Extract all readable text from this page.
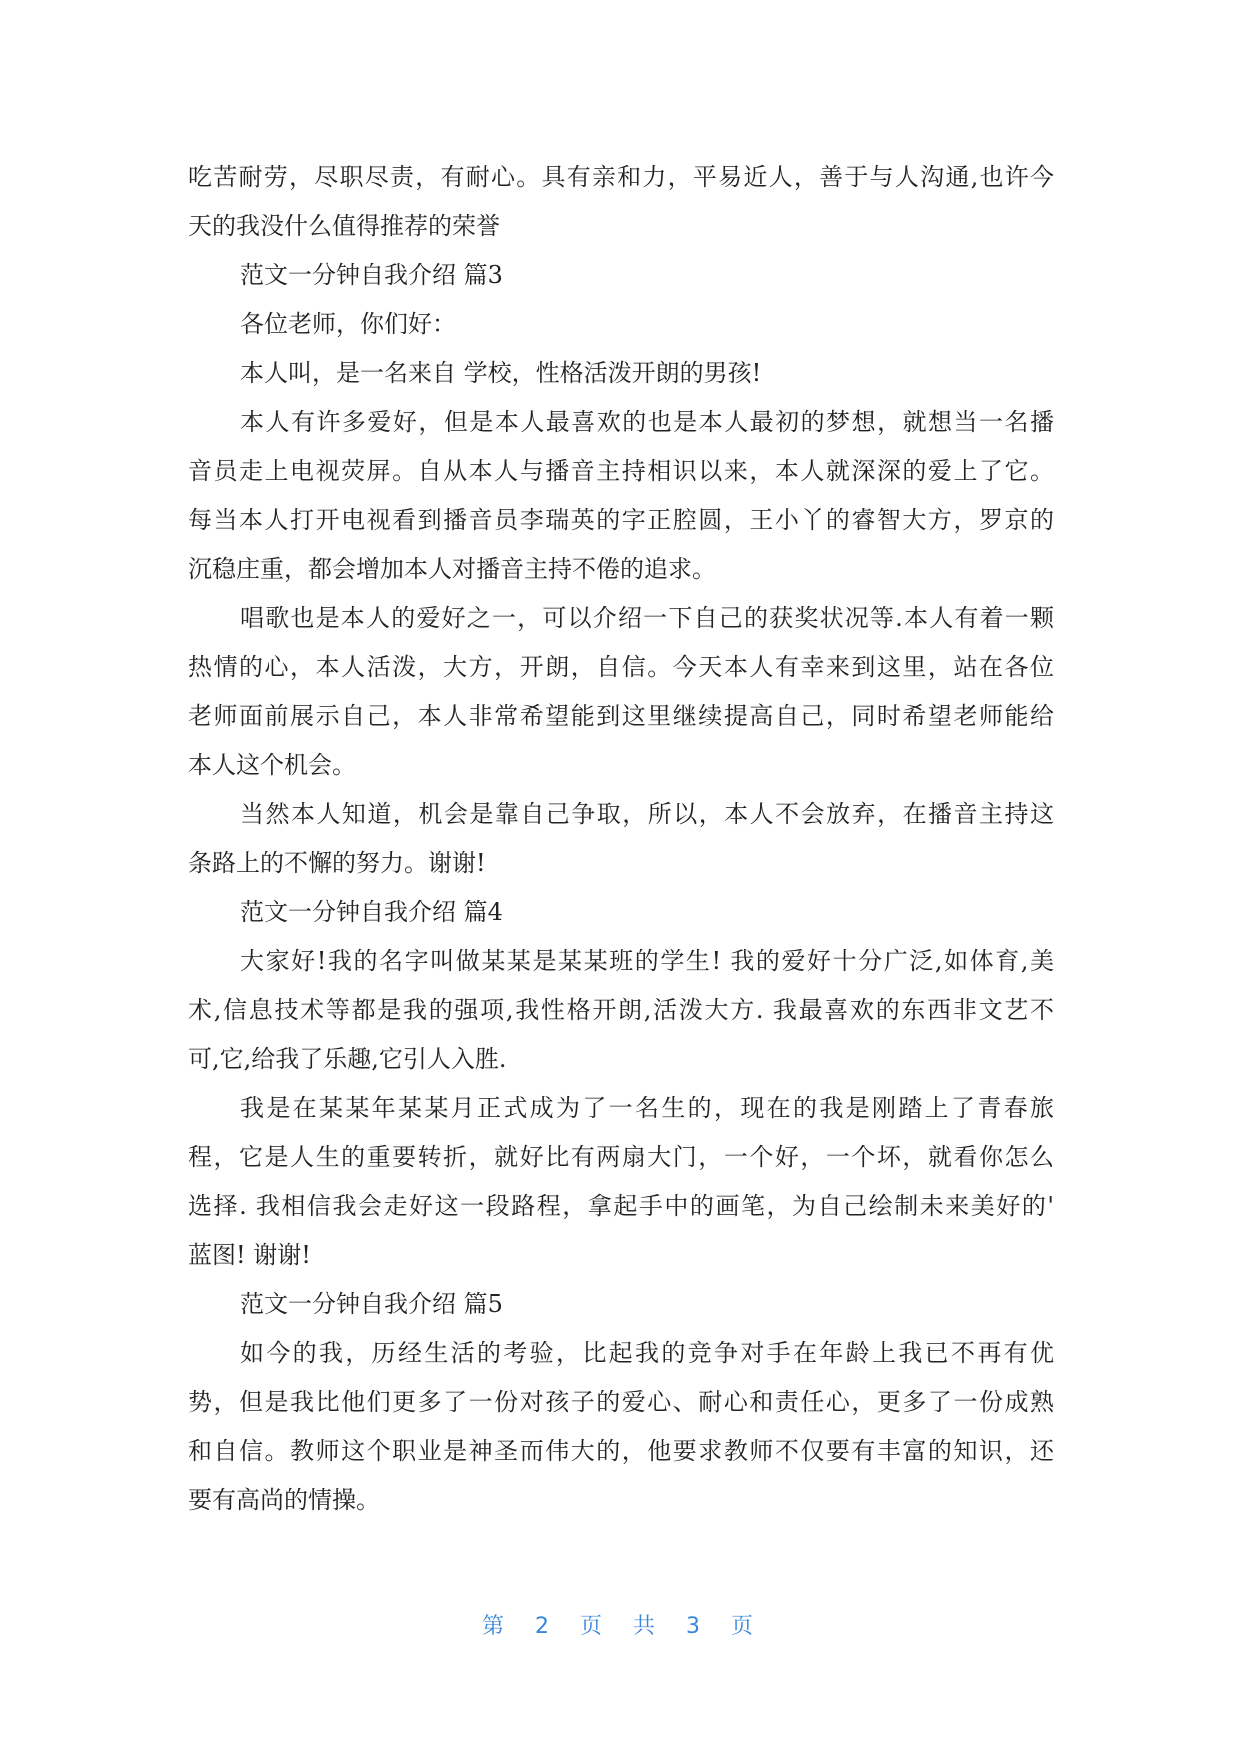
吃苦耐劳，尽职尽责，有耐心。具有亲和力，平易近人，善于与人沟通,也许今
天的我没什么值得推荐的荣誉
范文一分钟自我介绍 篇3
各位老师，你们好：
本人叫，是一名来自 学校，性格活泼开朗的男孩!
本人有许多爱好，但是本人最喜欢的也是本人最初的梦想，就想当一名播
音员走上电视荧屏。自从本人与播音主持相识以来，本人就深深的爱上了它。
每当本人打开电视看到播音员李瑞英的字正腔圆，王小丫的睿智大方，罗京的
沉稳庄重，都会增加本人对播音主持不倦的追求。
唱歌也是本人的爱好之一，可以介绍一下自己的获奖状况等.本人有着一颗
热情的心，本人活泼，大方，开朗，自信。今天本人有幸来到这里，站在各位
老师面前展示自己，本人非常希望能到这里继续提高自己，同时希望老师能给
本人这个机会。
当然本人知道，机会是靠自己争取，所以，本人不会放弃，在播音主持这
条路上的不懈的努力。谢谢!
范文一分钟自我介绍 篇4
大家好!我的名字叫做某某是某某班的学生! 我的爱好十分广泛,如体育,美
术,信息技术等都是我的强项,我性格开朗,活泼大方. 我最喜欢的东西非文艺不
可,它,给我了乐趣,它引人入胜.
我是在某某年某某月正式成为了一名生的，现在的我是刚踏上了青春旅
程，它是人生的重要转折，就好比有两扇大门，一个好，一个坏，就看你怎么
选择. 我相信我会走好这一段路程，拿起手中的画笔，为自己绘制未来美好的'
蓝图! 谢谢!
范文一分钟自我介绍 篇5
如今的我，历经生活的考验，比起我的竞争对手在年龄上我已不再有优
势，但是我比他们更多了一份对孩子的爱心、耐心和责任心，更多了一份成熟
和自信。教师这个职业是神圣而伟大的，他要求教师不仅要有丰富的知识，还
要有高尚的情操。
第 2 页 共 3 页
